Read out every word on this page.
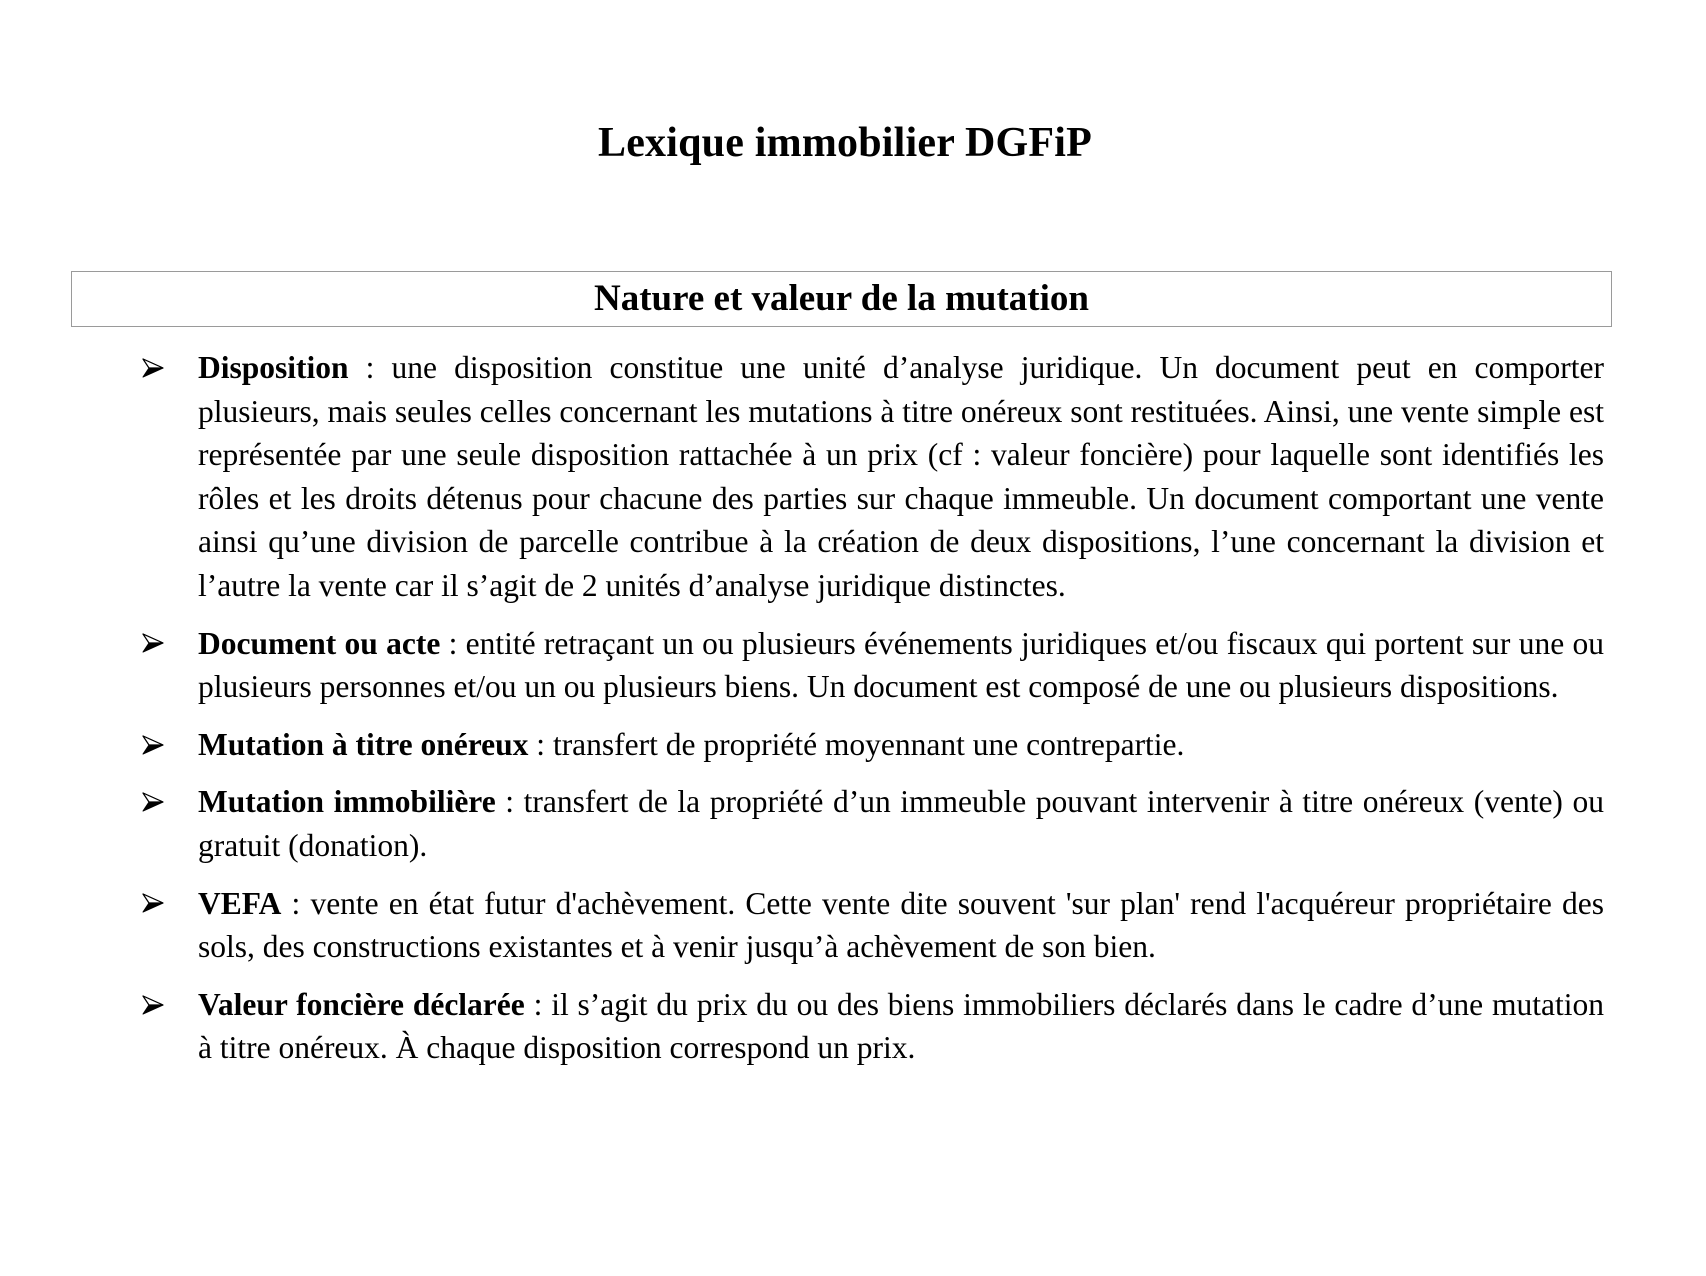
Lexique immobilier DGFiP
Nature et valeur de la mutation
Disposition : une disposition constitue une unité d’analyse juridique. Un document peut en comporter plusieurs, mais seules celles concernant les mutations à titre onéreux sont restituées. Ainsi, une vente simple est représentée par une seule disposition rattachée à un prix (cf : valeur foncière) pour laquelle sont identifiés les rôles et les droits détenus pour chacune des parties sur chaque immeuble. Un document comportant une vente ainsi qu’une division de parcelle contribue à la création de deux dispositions, l’une concernant la division et l’autre la vente car il s’agit de 2 unités d’analyse juridique distinctes.
Document ou acte : entité retraçant un ou plusieurs événements juridiques et/ou fiscaux qui portent sur une ou plusieurs personnes et/ou un ou plusieurs biens. Un document est composé de une ou plusieurs dispositions.
Mutation à titre onéreux : transfert de propriété moyennant une contrepartie.
Mutation immobilière : transfert de la propriété d’un immeuble pouvant intervenir à titre onéreux (vente) ou gratuit (donation).
VEFA : vente en état futur d'achèvement. Cette vente dite souvent 'sur plan' rend l'acquéreur propriétaire des sols, des constructions existantes et à venir jusqu’à achèvement de son bien.
Valeur foncière déclarée : il s’agit du prix du ou des biens immobiliers déclarés dans le cadre d’une mutation à titre onéreux. À chaque disposition correspond un prix.
